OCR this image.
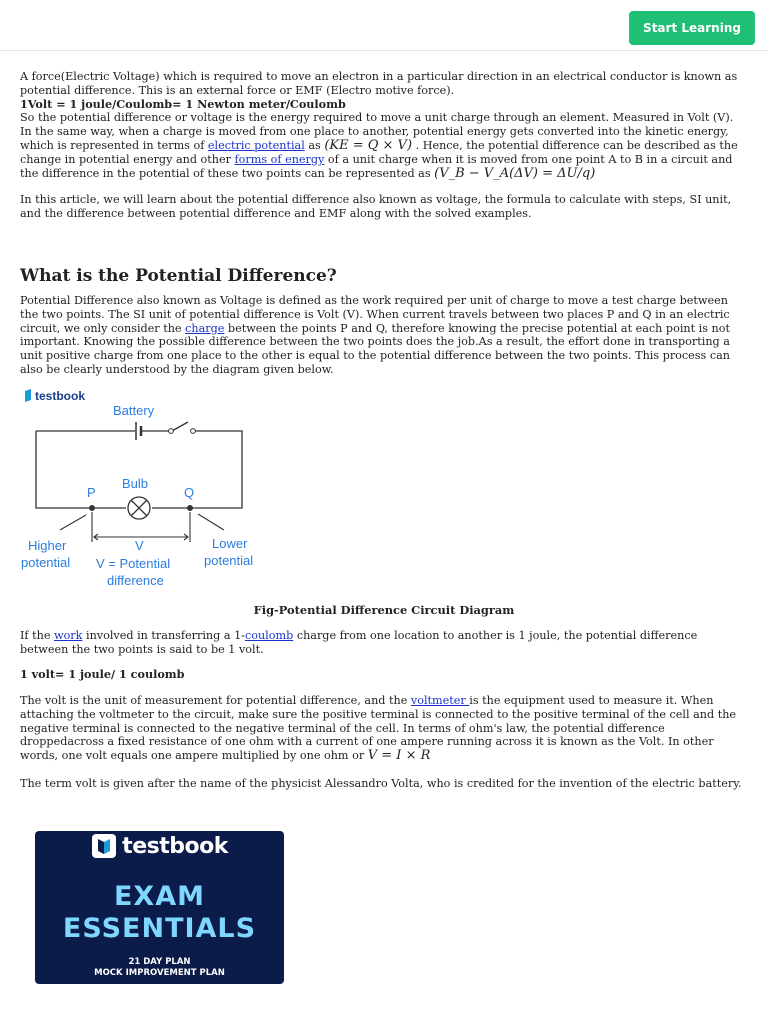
Start Learning

A force(Electric Voltage) which is required to move an electron in a particular direction in an electrical conductor is known as potential difference. This is an external force or EMF (Electro motive force).

1Volt = 1 joule/Coulomb= 1 Newton meter/Coulomb

So the potential difference or voltage is the energy required to move a unit charge through an element. Measured in Volt (V).

In the same way, when a charge is moved from one place to another, potential energy gets converted into the kinetic energy, which is represented in terms of electric potential as (KE = Q × V) . Hence, the potential difference can be described as the change in potential energy and other forms of energy of a unit charge when it is moved from one point A to B in a circuit and the difference in the potential of these two points can be represented as (V_B − V_A(ΔV) = ΔU/q)

In this article, we will learn about the potential difference also known as voltage, the formula to calculate with steps, SI unit, and the difference between potential difference and EMF along with the solved examples.

What is the Potential Difference?
Potential Difference also known as Voltage is defined as the work required per unit of charge to move a test charge between the two points. The SI unit of potential difference is Volt (V). When current travels between two places P and Q in an electric circuit, we only consider the charge between the points P and Q, therefore knowing the precise potential at each point is not important. Knowing the possible difference between the two points does the job.As a result, the effort done in transporting a unit positive charge from one place to the other is equal to the potential difference between the two points. This process can also be clearly understood by the diagram given below.
testbook
Battery
Bulb
P	Q
Higher
potential
V
V = Potential
difference
Lower
potential
Fig-Potential Difference Circuit Diagram
If the work involved in transferring a 1-coulomb charge from one location to another is 1 joule, the potential difference between the two points is said to be 1 volt.
1 volt= 1 joule/ 1 coulomb
The volt is the unit of measurement for potential difference, and the voltmeter is the equipment used to measure it. When attaching the voltmeter to the circuit, make sure the positive terminal is connected to the positive terminal of the cell and the negative terminal is connected to the negative terminal of the cell. In terms of ohm's law, the potential difference droppedacross a fixed resistance of one ohm with a current of one ampere running across it is known as the Volt. In other words, one volt equals one ampere multiplied by one ohm or V = I × R
The term volt is given after the name of the physicist Alessandro Volta, who is credited for the invention of the electric battery.
testbook
EXAM
ESSENTIALS
21 DAY PLAN
MOCK IMPROVEMENT PLAN
